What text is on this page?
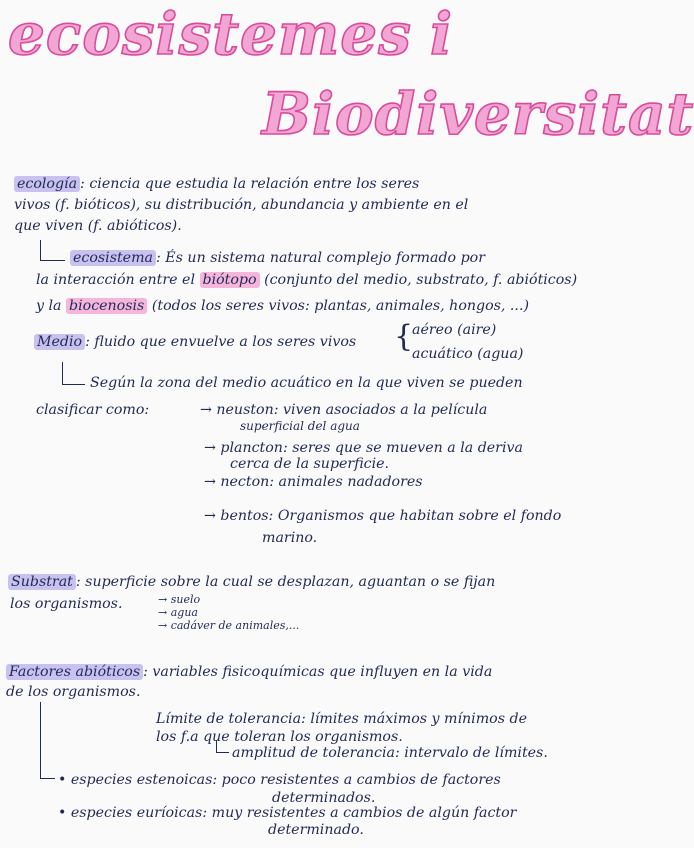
ecosistemes i
Biodiversitat
ecología : ciencia que estudia la relación entre los seres
vivos (f. bióticos), su distribución, abundancia y ambiente en el
que viven (f. abióticos).
ecosistema : És un sistema natural complejo formado por
la interacción entre el biótopo (conjunto del medio, substrato, f. abióticos)
y la biocenosis (todos los seres vivos: plantas, animales, hongos, ...)
Medio : fluido que envuelve a los seres vivos {
aéreo (aire)
acuático (agua)
Según la zona del medio acuático en la que viven se pueden
clasificar como:	→ neuston: viven asociados a la película
superficial del agua
→ plancton: seres que se mueven a la deriva
cerca de la superficie.
→ necton: animales nadadores
→ bentos: Organismos que habitan sobre el fondo
marino.
Substrat : superficie sobre la cual se desplazan, aguantan o se fijan
los organismos.	→ suelo
→ agua
→ cadáver de animales,...
Factores abióticos : variables fisicoquímicas que influyen en la vida
de los organismos.
Límite de tolerancia: límites máximos y mínimos de
los f.a que toleran los organismos.
amplitud de tolerancia: intervalo de límites.
• especies estenoicas: poco resistentes a cambios de factores
determinados.
• especies euríoicas: muy resistentes a cambios de algún factor
determinado.
